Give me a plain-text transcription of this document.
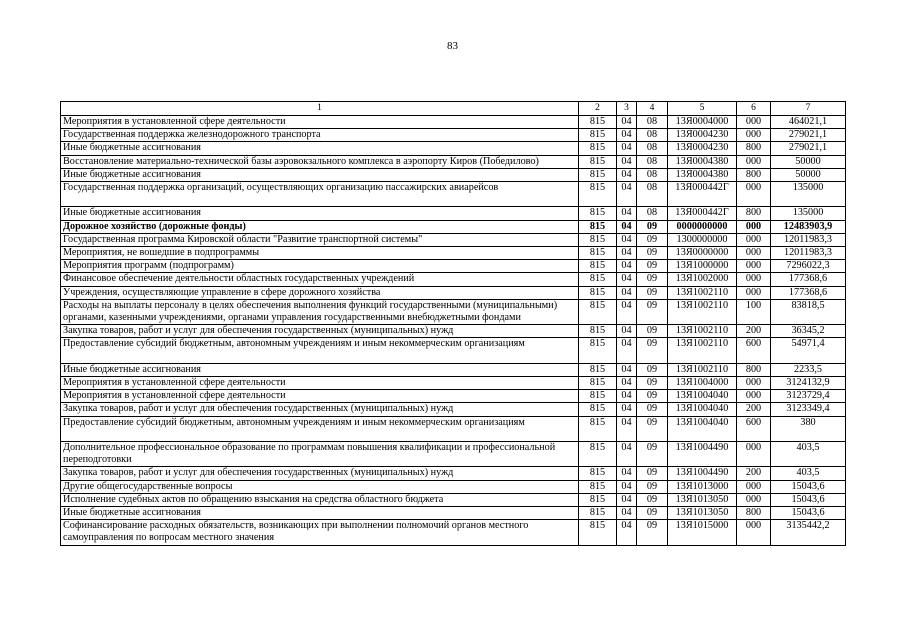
83
1	2	3	4	5	6	7
Мероприятия в установленной сфере деятельности	815	04	08	13Я0004000	000	464021,1
Государственная поддержка железнодорожного транспорта	815	04	08	13Я0004230	000	279021,1
Иные бюджетные ассигнования	815	04	08	13Я0004230	800	279021,1
Восстановление материально-технической базы аэровокзального комплекса в аэропорту Киров (Победилово)	815	04	08	13Я0004380	000	50000
Иные бюджетные ассигнования	815	04	08	13Я0004380	800	50000
Государственная поддержка организаций, осуществляющих организацию пассажирских авиарейсов	815	04	08	13Я000442Г	000	135000
Иные бюджетные ассигнования	815	04	08	13Я000442Г	800	135000
Дорожное хозяйство (дорожные фонды)	815	04	09	0000000000	000	12483903,9
Государственная программа Кировской области "Развитие транспортной системы"	815	04	09	1300000000	000	12011983,3
Мероприятия, не вошедшие в подпрограммы	815	04	09	13Я0000000	000	12011983,3
Мероприятия программ (подпрограмм)	815	04	09	13Я1000000	000	7296022,3
Финансовое обеспечение деятельности областных государственных учреждений	815	04	09	13Я1002000	000	177368,6
Учреждения, осуществляющие управление в сфере дорожного хозяйства	815	04	09	13Я1002110	000	177368,6
Расходы на выплаты персоналу в целях обеспечения выполнения функций государственными (муниципальными) органами, казенными учреждениями, органами управления государственными внебюджетными фондами	815	04	09	13Я1002110	100	83818,5
Закупка товаров, работ и услуг для обеспечения государственных (муниципальных) нужд	815	04	09	13Я1002110	200	36345,2
Предоставление субсидий бюджетным, автономным учреждениям и иным некоммерческим организациям	815	04	09	13Я1002110	600	54971,4
Иные бюджетные ассигнования	815	04	09	13Я1002110	800	2233,5
Мероприятия в установленной сфере деятельности	815	04	09	13Я1004000	000	3124132,9
Мероприятия в установленной сфере деятельности	815	04	09	13Я1004040	000	3123729,4
Закупка товаров, работ и услуг для обеспечения государственных (муниципальных) нужд	815	04	09	13Я1004040	200	3123349,4
Предоставление субсидий бюджетным, автономным учреждениям и иным некоммерческим организациям	815	04	09	13Я1004040	600	380
Дополнительное профессиональное образование по программам повышения квалификации и профессиональной переподготовки	815	04	09	13Я1004490	000	403,5
Закупка товаров, работ и услуг для обеспечения государственных (муниципальных) нужд	815	04	09	13Я1004490	200	403,5
Другие общегосударственные вопросы	815	04	09	13Я1013000	000	15043,6
Исполнение судебных актов по обращению взыскания на средства областного бюджета	815	04	09	13Я1013050	000	15043,6
Иные бюджетные ассигнования	815	04	09	13Я1013050	800	15043,6
Софинансирование расходных обязательств, возникающих при выполнении полномочий органов местного самоуправления по вопросам местного значения	815	04	09	13Я1015000	000	3135442,2
